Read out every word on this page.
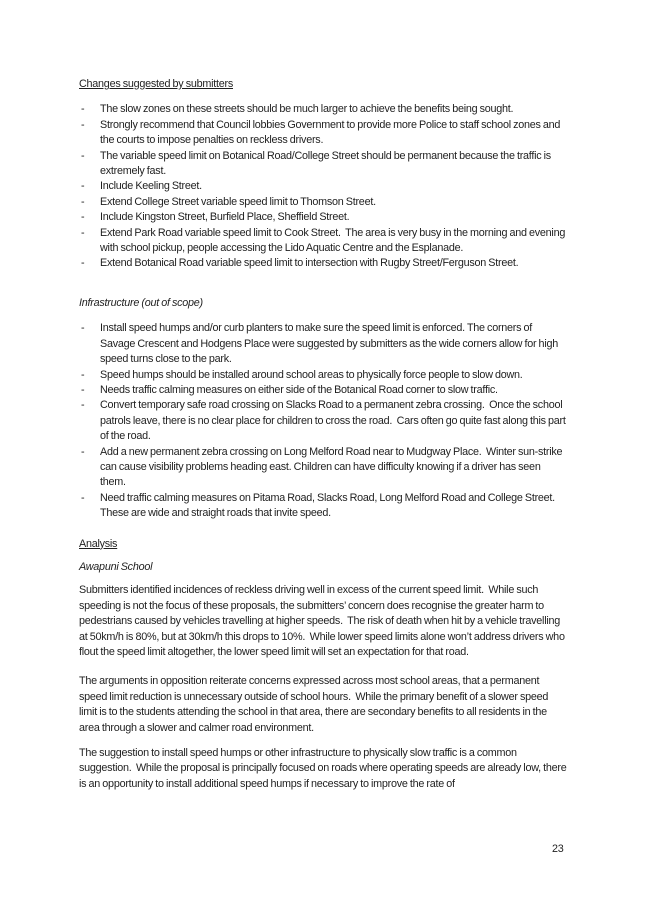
Changes suggested by submitters
- The slow zones on these streets should be much larger to achieve the benefits being sought.
- Strongly recommend that Council lobbies Government to provide more Police to staff school zones and the courts to impose penalties on reckless drivers.
- The variable speed limit on Botanical Road/College Street should be permanent because the traffic is extremely fast.
- Include Keeling Street.
- Extend College Street variable speed limit to Thomson Street.
- Include Kingston Street, Burfield Place, Sheffield Street.
- Extend Park Road variable speed limit to Cook Street.  The area is very busy in the morning and evening with school pickup, people accessing the Lido Aquatic Centre and the Esplanade.
- Extend Botanical Road variable speed limit to intersection with Rugby Street/Ferguson Street.
Infrastructure (out of scope)
- Install speed humps and/or curb planters to make sure the speed limit is enforced. The corners of Savage Crescent and Hodgens Place were suggested by submitters as the wide corners allow for high speed turns close to the park.
- Speed humps should be installed around school areas to physically force people to slow down.
- Needs traffic calming measures on either side of the Botanical Road corner to slow traffic.
- Convert temporary safe road crossing on Slacks Road to a permanent zebra crossing.  Once the school patrols leave, there is no clear place for children to cross the road.  Cars often go quite fast along this part of the road.
- Add a new permanent zebra crossing on Long Melford Road near to Mudgway Place.  Winter sun-strike can cause visibility problems heading east. Children can have difficulty knowing if a driver has seen them.
- Need traffic calming measures on Pitama Road, Slacks Road, Long Melford Road and College Street.  These are wide and straight roads that invite speed.
Analysis
Awapuni School

Submitters identified incidences of reckless driving well in excess of the current speed limit.  While such speeding is not the focus of these proposals, the submitters’ concern does recognise the greater harm to pedestrians caused by vehicles travelling at higher speeds.  The risk of death when hit by a vehicle travelling at 50km/h is 80%, but at 30km/h this drops to 10%.  While lower speed limits alone won’t address drivers who flout the speed limit altogether, the lower speed limit will set an expectation for that road.

The arguments in opposition reiterate concerns expressed across most school areas, that a permanent speed limit reduction is unnecessary outside of school hours.  While the primary benefit of a slower speed limit is to the students attending the school in that area, there are secondary benefits to all residents in the area through a slower and calmer road environment.

The suggestion to install speed humps or other infrastructure to physically slow traffic is a common suggestion.  While the proposal is principally focused on roads where operating speeds are already low, there is an opportunity to install additional speed humps if necessary to improve the rate of

23
